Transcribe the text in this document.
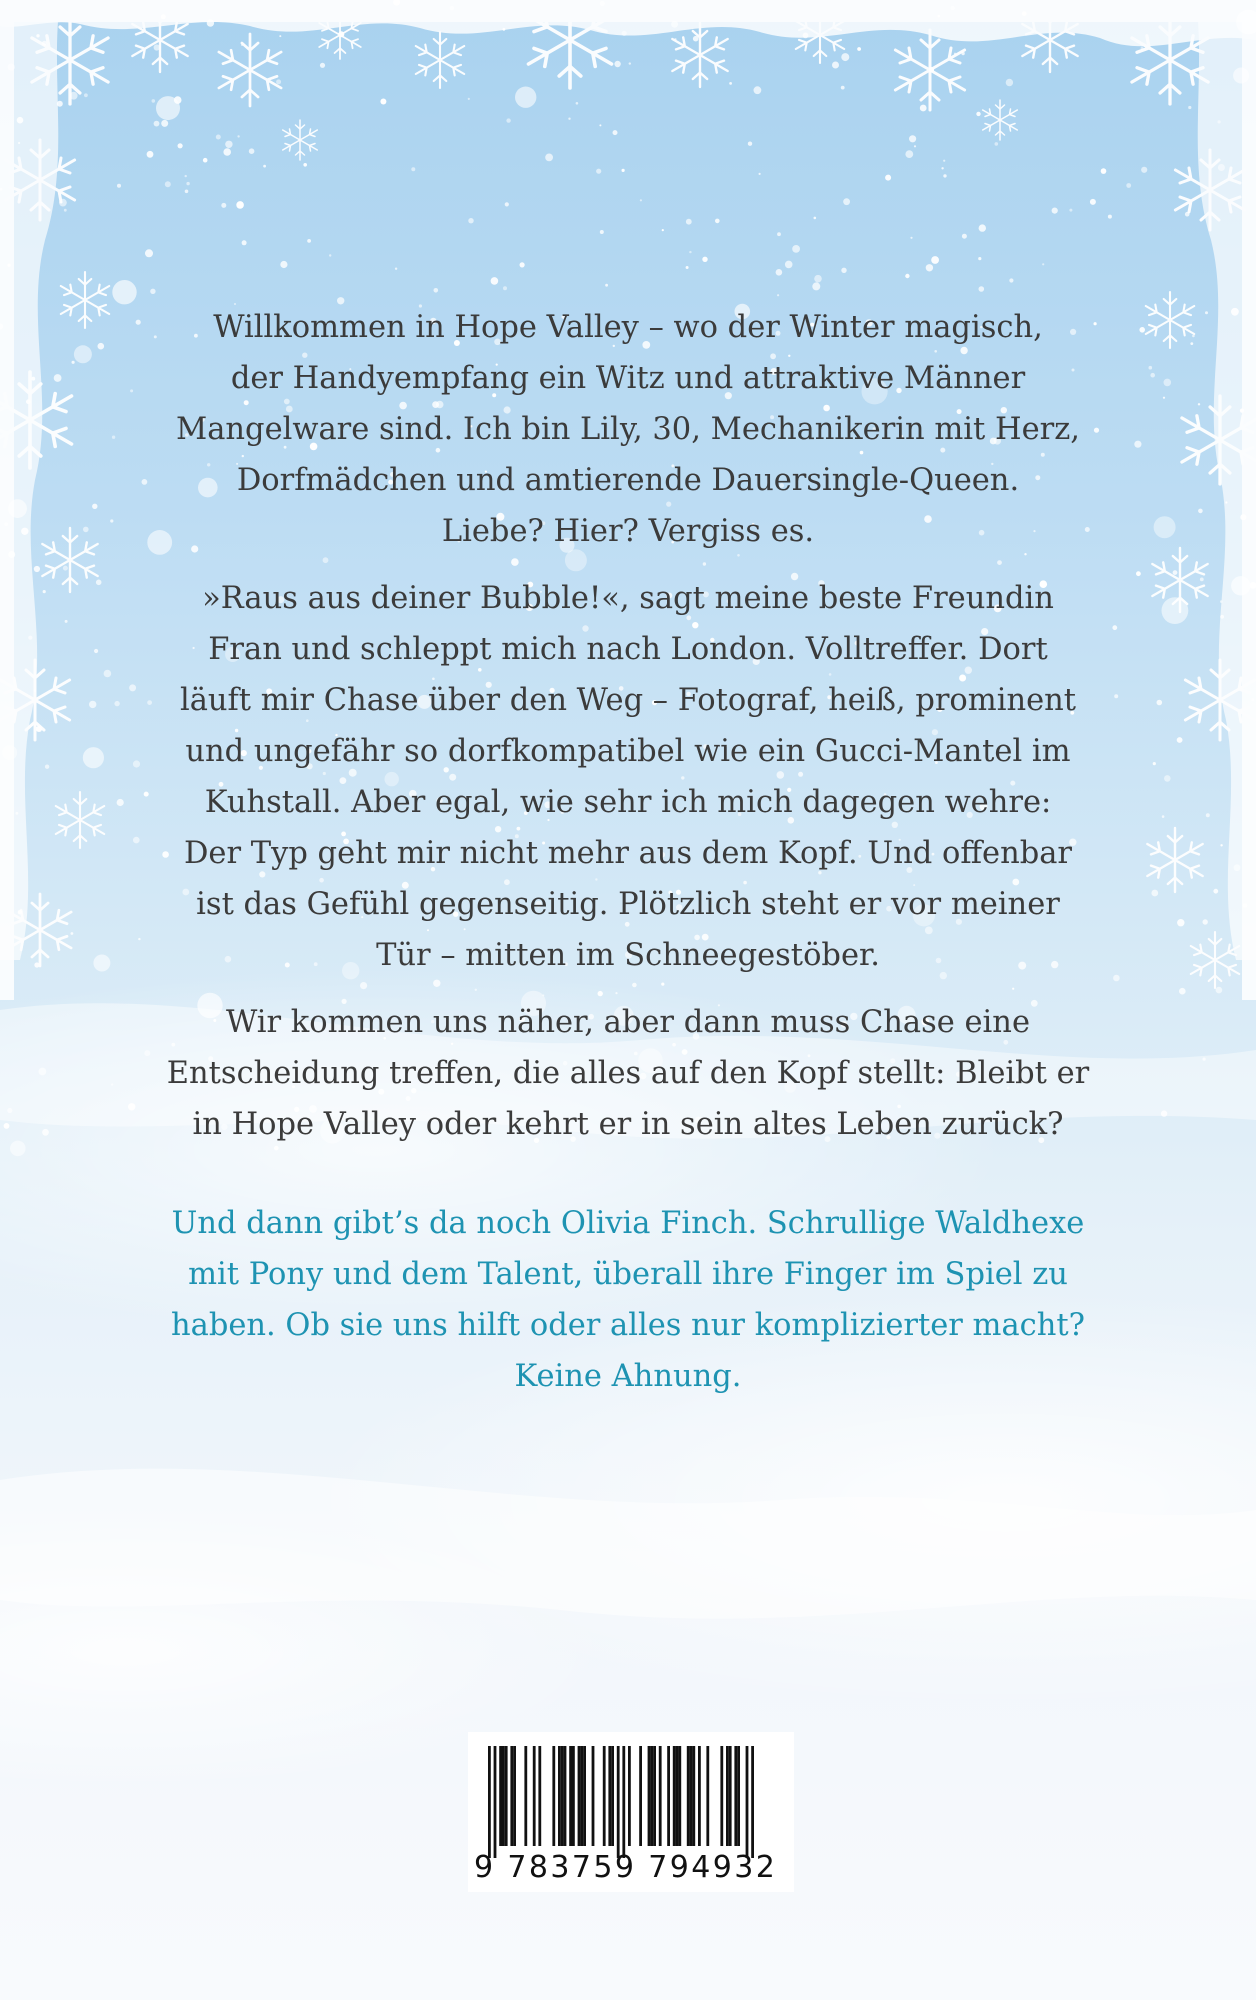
Willkommen in Hope Valley – wo der Winter magisch,
der Handyempfang ein Witz und attraktive Männer
Mangelware sind. Ich bin Lily, 30, Mechanikerin mit Herz,
Dorfmädchen und amtierende Dauersingle-Queen.
Liebe? Hier? Vergiss es.

»Raus aus deiner Bubble!«, sagt meine beste Freundin
Fran und schleppt mich nach London. Volltreffer. Dort
läuft mir Chase über den Weg – Fotograf, heiß, prominent
und ungefähr so dorfkompatibel wie ein Gucci-Mantel im
Kuhstall. Aber egal, wie sehr ich mich dagegen wehre:
Der Typ geht mir nicht mehr aus dem Kopf. Und offenbar
ist das Gefühl gegenseitig. Plötzlich steht er vor meiner
Tür – mitten im Schneegestöber.

Wir kommen uns näher, aber dann muss Chase eine
Entscheidung treffen, die alles auf den Kopf stellt: Bleibt er
in Hope Valley oder kehrt er in sein altes Leben zurück?

Und dann gibt’s da noch Olivia Finch. Schrullige Waldhexe
mit Pony und dem Talent, überall ihre Finger im Spiel zu
haben. Ob sie uns hilft oder alles nur komplizierter macht?
Keine Ahnung.

9 783759 794932
